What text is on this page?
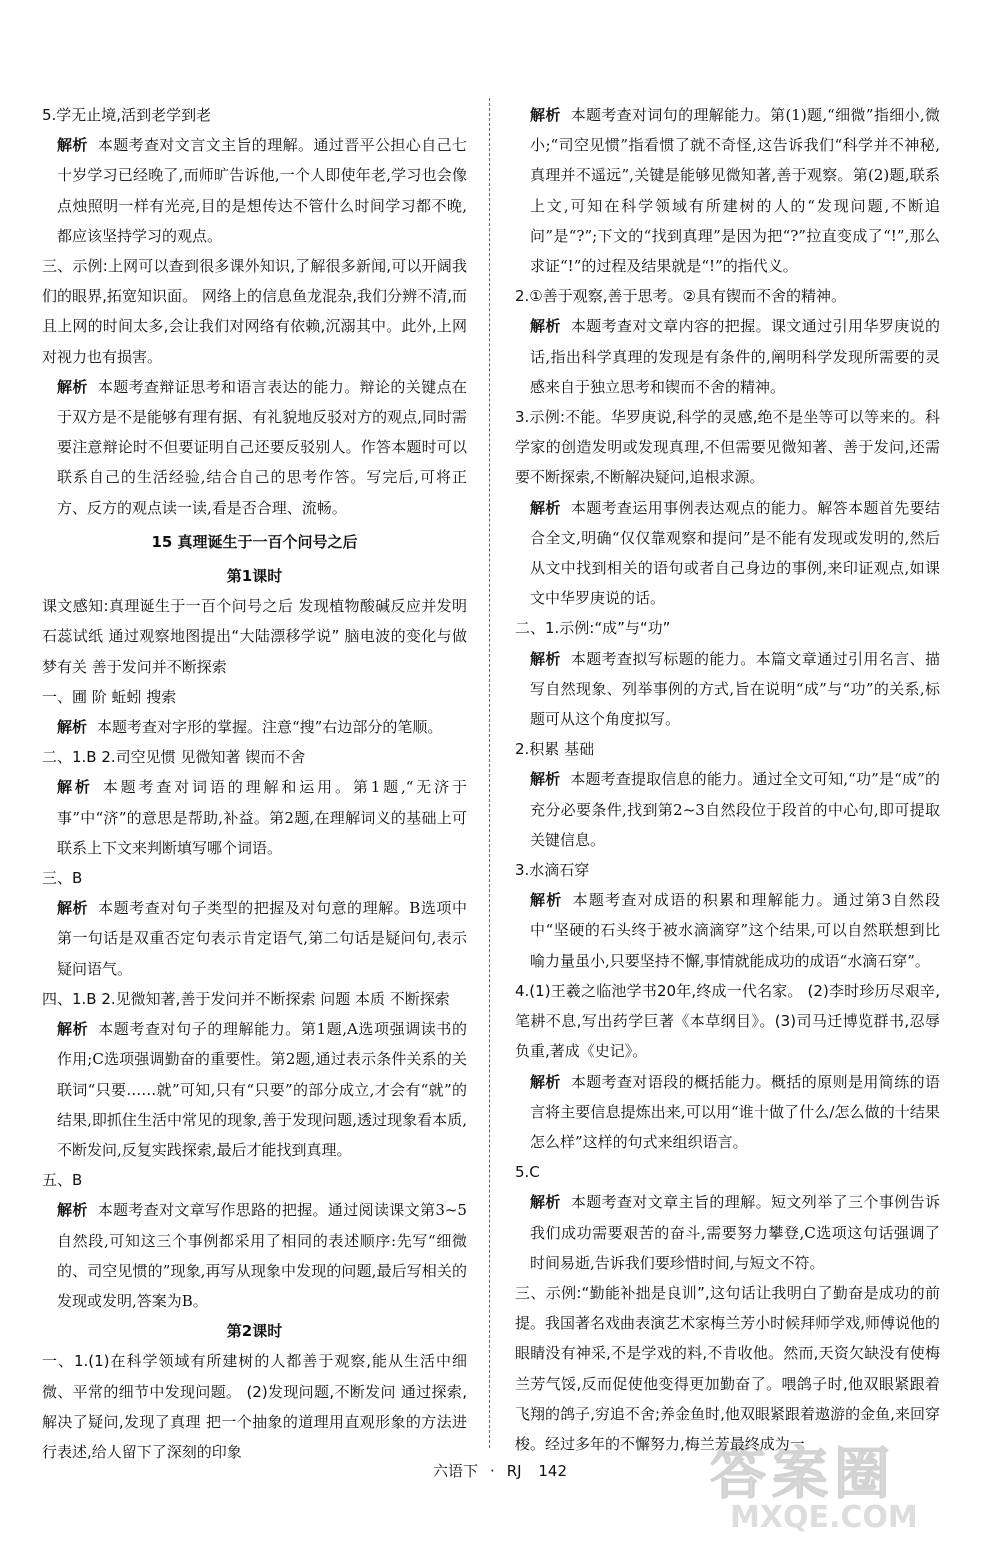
5.学无止境,活到老学到老

解析 本题考查对文言文主旨的理解。通过晋平公担心自己七十岁学习已经晚了,而师旷告诉他,一个人即使年老,学习也会像点烛照明一样有光亮,目的是想传达不管什么时间学习都不晚,都应该坚持学习的观点。

三、示例:上网可以查到很多课外知识,了解很多新闻,可以开阔我们的眼界,拓宽知识面。 网络上的信息鱼龙混杂,我们分辨不清,而且上网的时间太多,会让我们对网络有依赖,沉溺其中。此外,上网对视力也有损害。

解析 本题考查辩证思考和语言表达的能力。辩论的关键点在于双方是不是能够有理有据、有礼貌地反驳对方的观点,同时需要注意辩论时不但要证明自己还要反驳别人。作答本题时可以联系自己的生活经验,结合自己的思考作答。写完后,可将正方、反方的观点读一读,看是否合理、流畅。

15 真理诞生于一百个问号之后

第1课时

课文感知:真理诞生于一百个问号之后 发现植物酸碱反应并发明石蕊试纸 通过观察地图提出“大陆漂移学说” 脑电波的变化与做梦有关 善于发问并不断探索

一、圃 阶 蚯蚓 搜索

解析 本题考查对字形的掌握。注意“搜”右边部分的笔顺。

二、1.B 2.司空见惯 见微知著 锲而不舍

解析 本题考查对词语的理解和运用。第1题,“无济于事”中“济”的意思是帮助,补益。第2题,在理解词义的基础上可联系上下文来判断填写哪个词语。

三、B

解析 本题考查对句子类型的把握及对句意的理解。B选项中第一句话是双重否定句表示肯定语气,第二句话是疑问句,表示疑问语气。

四、1.B 2.见微知著,善于发问并不断探索 问题 本质 不断探索

解析 本题考查对句子的理解能力。第1题,A选项强调读书的作用;C选项强调勤奋的重要性。第2题,通过表示条件关系的关联词“只要……就”可知,只有“只要”的部分成立,才会有“就”的结果,即抓住生活中常见的现象,善于发现问题,透过现象看本质,不断发问,反复实践探索,最后才能找到真理。

五、B

解析 本题考查对文章写作思路的把握。通过阅读课文第3~5自然段,可知这三个事例都采用了相同的表述顺序:先写“细微的、司空见惯的”现象,再写从现象中发现的问题,最后写相关的发现或发明,答案为B。

第2课时

一、1.(1)在科学领域有所建树的人都善于观察,能从生活中细微、平常的细节中发现问题。 (2)发现问题,不断发问 通过探索,解决了疑问,发现了真理 把一个抽象的道理用直观形象的方法进行表述,给人留下了深刻的印象

解析 本题考查对词句的理解能力。第(1)题,“细微”指细小,微小;“司空见惯”指看惯了就不奇怪,这告诉我们“科学并不神秘,真理并不遥远”,关键是能够见微知著,善于观察。第(2)题,联系上文,可知在科学领域有所建树的人的“发现问题,不断追问”是“?”;下文的“找到真理”是因为把“?”拉直变成了“!”,那么求证“!”的过程及结果就是“!”的指代义。

2.①善于观察,善于思考。②具有锲而不舍的精神。

解析 本题考查对文章内容的把握。课文通过引用华罗庚说的话,指出科学真理的发现是有条件的,阐明科学发现所需要的灵感来自于独立思考和锲而不舍的精神。

3.示例:不能。华罗庚说,科学的灵感,绝不是坐等可以等来的。科学家的创造发明或发现真理,不但需要见微知著、善于发问,还需要不断探索,不断解决疑问,追根求源。

解析 本题考查运用事例表达观点的能力。解答本题首先要结合全文,明确“仅仅靠观察和提问”是不能有发现或发明的,然后从文中找到相关的语句或者自己身边的事例,来印证观点,如课文中华罗庚说的话。

二、1.示例:“成”与“功”

解析 本题考查拟写标题的能力。本篇文章通过引用名言、描写自然现象、列举事例的方式,旨在说明“成”与“功”的关系,标题可从这个角度拟写。

2.积累 基础

解析 本题考查提取信息的能力。通过全文可知,“功”是“成”的充分必要条件,找到第2~3自然段位于段首的中心句,即可提取关键信息。

3.水滴石穿

解析 本题考查对成语的积累和理解能力。通过第3自然段中“坚硬的石头终于被水滴滴穿”这个结果,可以自然联想到比喻力量虽小,只要坚持不懈,事情就能成功的成语“水滴石穿”。

4.(1)王羲之临池学书20年,终成一代名家。 (2)李时珍历尽艰辛,笔耕不息,写出药学巨著《本草纲目》。(3)司马迁博览群书,忍辱负重,著成《史记》。

解析 本题考查对语段的概括能力。概括的原则是用简练的语言将主要信息提炼出来,可以用“谁十做了什么/怎么做的十结果怎么样”这样的句式来组织语言。

5.C

解析 本题考查对文章主旨的理解。短文列举了三个事例告诉我们成功需要艰苦的奋斗,需要努力攀登,C选项这句话强调了时间易逝,告诉我们要珍惜时间,与短文不符。

三、示例:“勤能补拙是良训”,这句话让我明白了勤奋是成功的前提。我国著名戏曲表演艺术家梅兰芳小时候拜师学戏,师傅说他的眼睛没有神采,不是学戏的料,不肯收他。然而,天资欠缺没有使梅兰芳气馁,反而促使他变得更加勤奋了。喂鸽子时,他双眼紧跟着飞翔的鸽子,穷追不舍;养金鱼时,他双眼紧跟着遨游的金鱼,来回穿梭。经过多年的不懈努力,梅兰芳最终成为一

六语下 · RJ 142	答案圈
MXQE.COM
